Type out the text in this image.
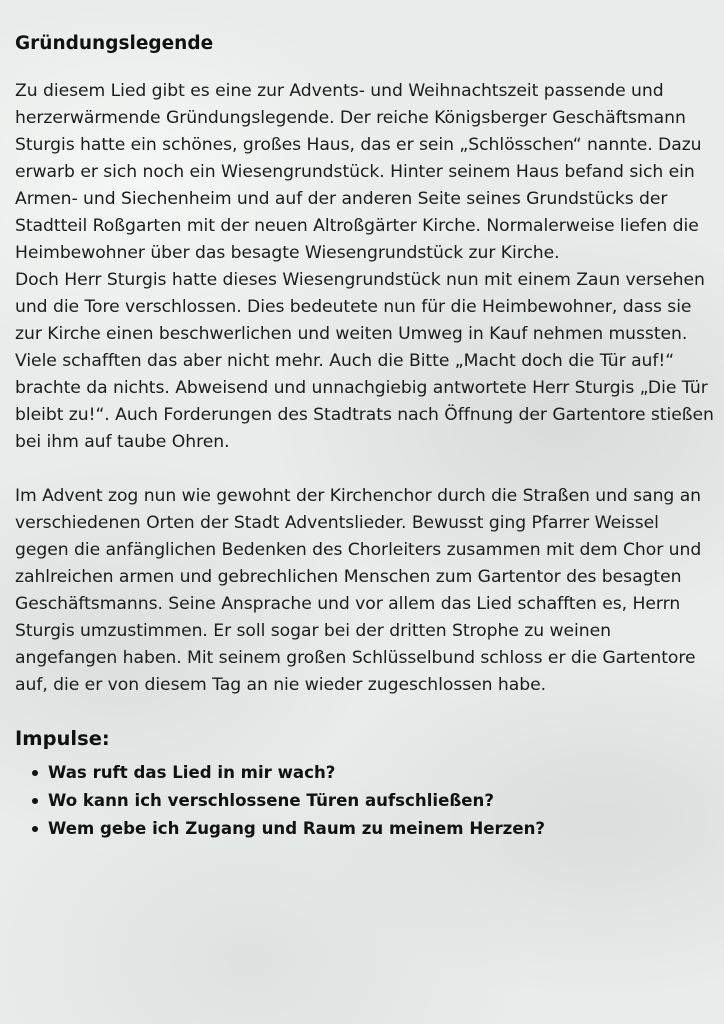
Gründungslegende

Zu diesem Lied gibt es eine zur Advents- und Weihnachtszeit passende und herzerwärmende Gründungslegende. Der reiche Königsberger Geschäftsmann Sturgis hatte ein schönes, großes Haus, das er sein „Schlösschen“ nannte. Dazu erwarb er sich noch ein Wiesengrundstück. Hinter seinem Haus befand sich ein Armen- und Siechenheim und auf der anderen Seite seines Grundstücks der Stadtteil Roßgarten mit der neuen Altroßgärter Kirche. Normalerweise liefen die Heimbewohner über das besagte Wiesengrundstück zur Kirche.

Doch Herr Sturgis hatte dieses Wiesengrundstück nun mit einem Zaun versehen und die Tore verschlossen. Dies bedeutete nun für die Heimbewohner, dass sie zur Kirche einen beschwerlichen und weiten Umweg in Kauf nehmen mussten.

Viele schafften das aber nicht mehr. Auch die Bitte „Macht doch die Tür auf!“ brachte da nichts. Abweisend und unnachgiebig antwortete Herr Sturgis „Die Tür bleibt zu!“. Auch Forderungen des Stadtrats nach Öffnung der Gartentore stießen bei ihm auf taube Ohren.

Im Advent zog nun wie gewohnt der Kirchenchor durch die Straßen und sang an verschiedenen Orten der Stadt Adventslieder. Bewusst ging Pfarrer Weissel gegen die anfänglichen Bedenken des Chorleiters zusammen mit dem Chor und zahlreichen armen und gebrechlichen Menschen zum Gartentor des besagten Geschäftsmanns. Seine Ansprache und vor allem das Lied schafften es, Herrn Sturgis umzustimmen. Er soll sogar bei der dritten Strophe zu weinen angefangen haben. Mit seinem großen Schlüsselbund schloss er die Gartentore auf, die er von diesem Tag an nie wieder zugeschlossen habe.

Impulse:
Was ruft das Lied in mir wach?
Wo kann ich verschlossene Türen aufschließen?
Wem gebe ich Zugang und Raum zu meinem Herzen?
